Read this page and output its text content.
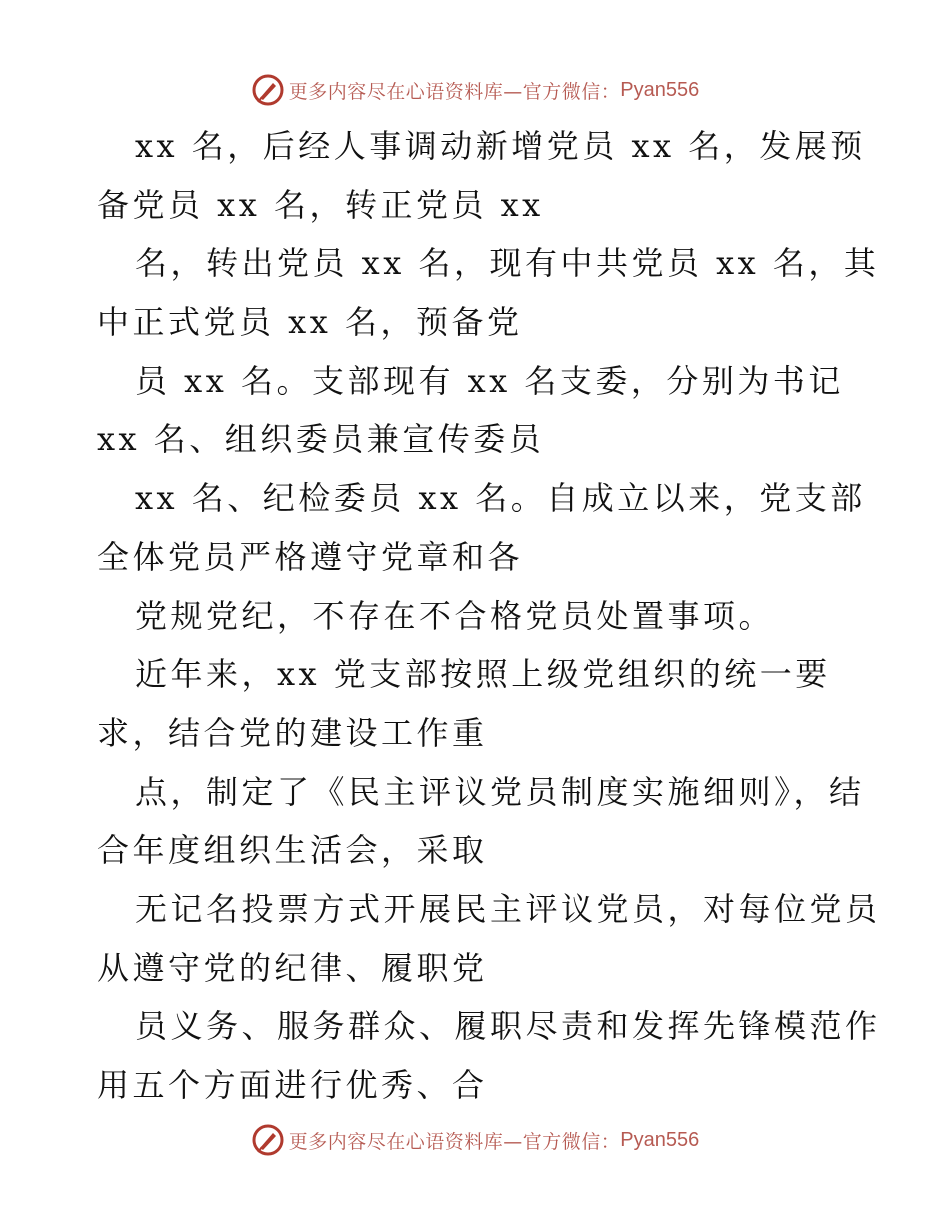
更多内容尽在心语资料库—官方微信： Pyan556
xx 名，后经人事调动新增党员 xx 名，发展预
备党员 xx 名，转正党员 xx
名，转出党员 xx 名，现有中共党员 xx 名，其
中正式党员 xx 名，预备党
员 xx 名。支部现有 xx 名支委，分别为书记
xx 名、组织委员兼宣传委员
xx 名、纪检委员 xx 名。自成立以来，党支部
全体党员严格遵守党章和各
党规党纪，不存在不合格党员处置事项。
近年来，xx 党支部按照上级党组织的统一要
求，结合党的建设工作重
点，制定了《民主评议党员制度实施细则》，结
合年度组织生活会，采取
无记名投票方式开展民主评议党员，对每位党员
从遵守党的纪律、履职党
员义务、服务群众、履职尽责和发挥先锋模范作
用五个方面进行优秀、合
更多内容尽在心语资料库—官方微信： Pyan556
